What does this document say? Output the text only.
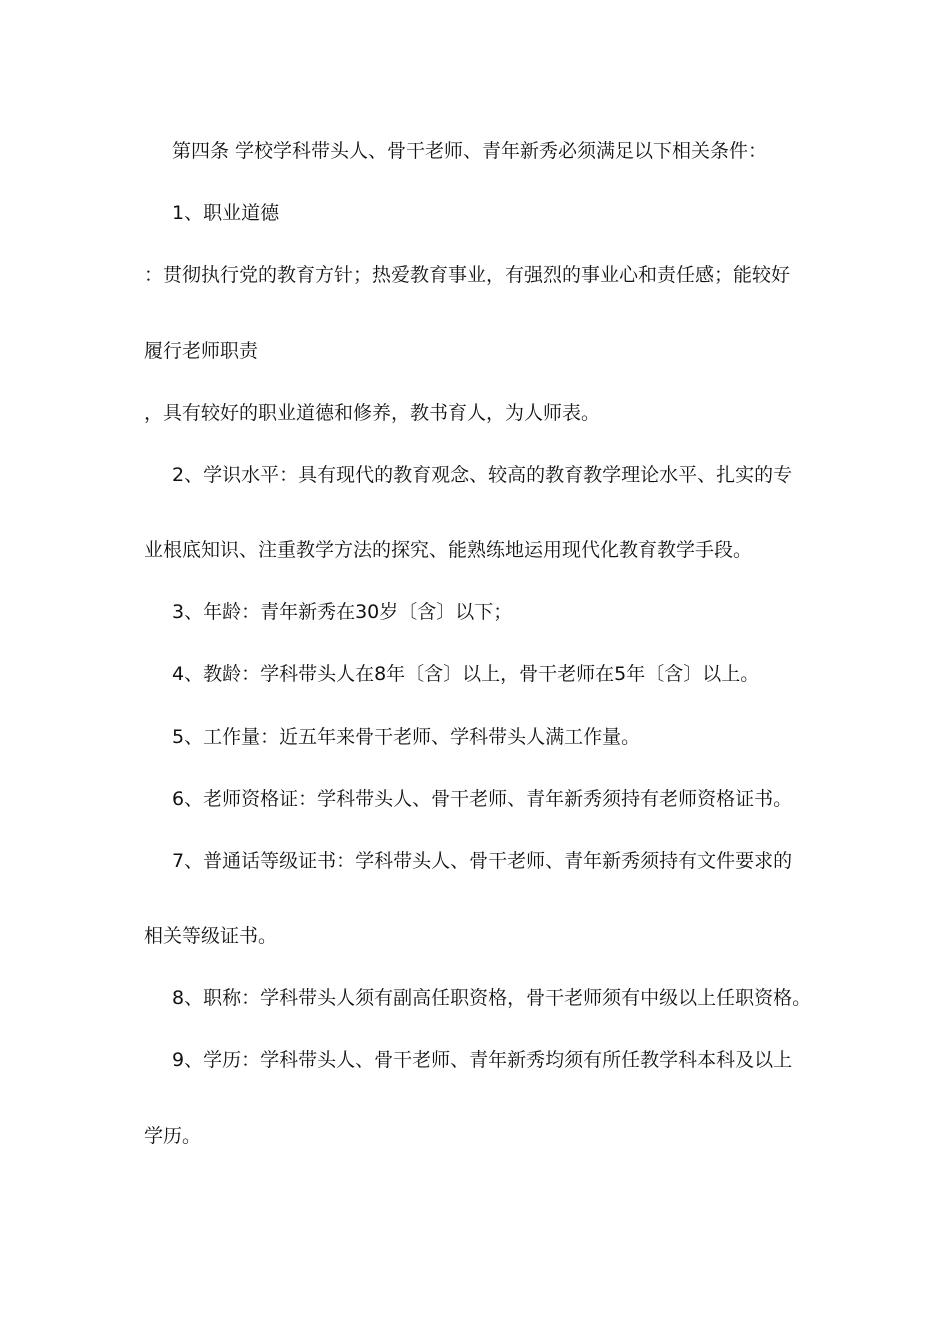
第四条 学校学科带头人、骨干老师、青年新秀必须满足以下相关条件：

1、职业道德

：贯彻执行党的教育方针；热爱教育事业，有强烈的事业心和责任感；能较好

履行老师职责

，具有较好的职业道德和修养，教书育人，为人师表。

2、学识水平：具有现代的教育观念、较高的教育教学理论水平、扎实的专

业根底知识、注重教学方法的探究、能熟练地运用现代化教育教学手段。

3、年龄：青年新秀在30岁〔含〕以下；

4、教龄：学科带头人在8年〔含〕以上，骨干老师在5年〔含〕以上。

5、工作量：近五年来骨干老师、学科带头人满工作量。

6、老师资格证：学科带头人、骨干老师、青年新秀须持有老师资格证书。

7、普通话等级证书：学科带头人、骨干老师、青年新秀须持有文件要求的

相关等级证书。

8、职称：学科带头人须有副高任职资格，骨干老师须有中级以上任职资格。

9、学历：学科带头人、骨干老师、青年新秀均须有所任教学科本科及以上

学历。
